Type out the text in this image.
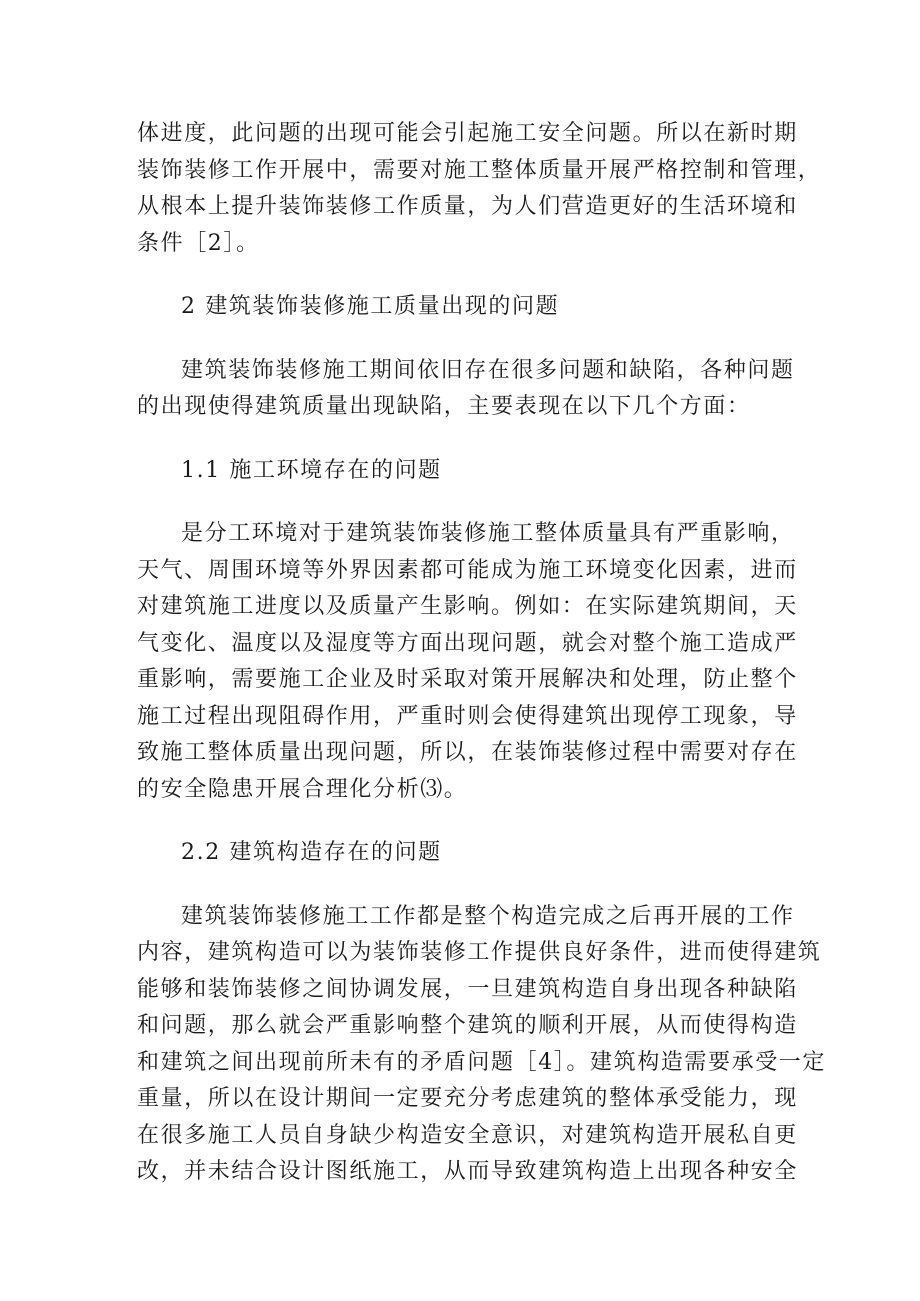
体进度，此问题的出现可能会引起施工安全问题。所以在新时期
装饰装修工作开展中，需要对施工整体质量开展严格控制和管理，
从根本上提升装饰装修工作质量，为人们营造更好的生活环境和
条件［2］。

2 建筑装饰装修施工质量出现的问题

建筑装饰装修施工期间依旧存在很多问题和缺陷，各种问题
的出现使得建筑质量出现缺陷，主要表现在以下几个方面：

1.1 施工环境存在的问题

是分工环境对于建筑装饰装修施工整体质量具有严重影响，
天气、周围环境等外界因素都可能成为施工环境变化因素，进而
对建筑施工进度以及质量产生影响。例如：在实际建筑期间，天
气变化、温度以及湿度等方面出现问题，就会对整个施工造成严
重影响，需要施工企业及时采取对策开展解决和处理，防止整个
施工过程出现阻碍作用，严重时则会使得建筑出现停工现象，导
致施工整体质量出现问题，所以，在装饰装修过程中需要对存在
的安全隐患开展合理化分析⑶。

2.2 建筑构造存在的问题

建筑装饰装修施工工作都是整个构造完成之后再开展的工作
内容，建筑构造可以为装饰装修工作提供良好条件，进而使得建筑
能够和装饰装修之间协调发展，一旦建筑构造自身出现各种缺陷
和问题，那么就会严重影响整个建筑的顺利开展，从而使得构造
和建筑之间出现前所未有的矛盾问题［4］。建筑构造需要承受一定
重量，所以在设计期间一定要充分考虑建筑的整体承受能力，现
在很多施工人员自身缺少构造安全意识，对建筑构造开展私自更
改，并未结合设计图纸施工，从而导致建筑构造上出现各种安全
